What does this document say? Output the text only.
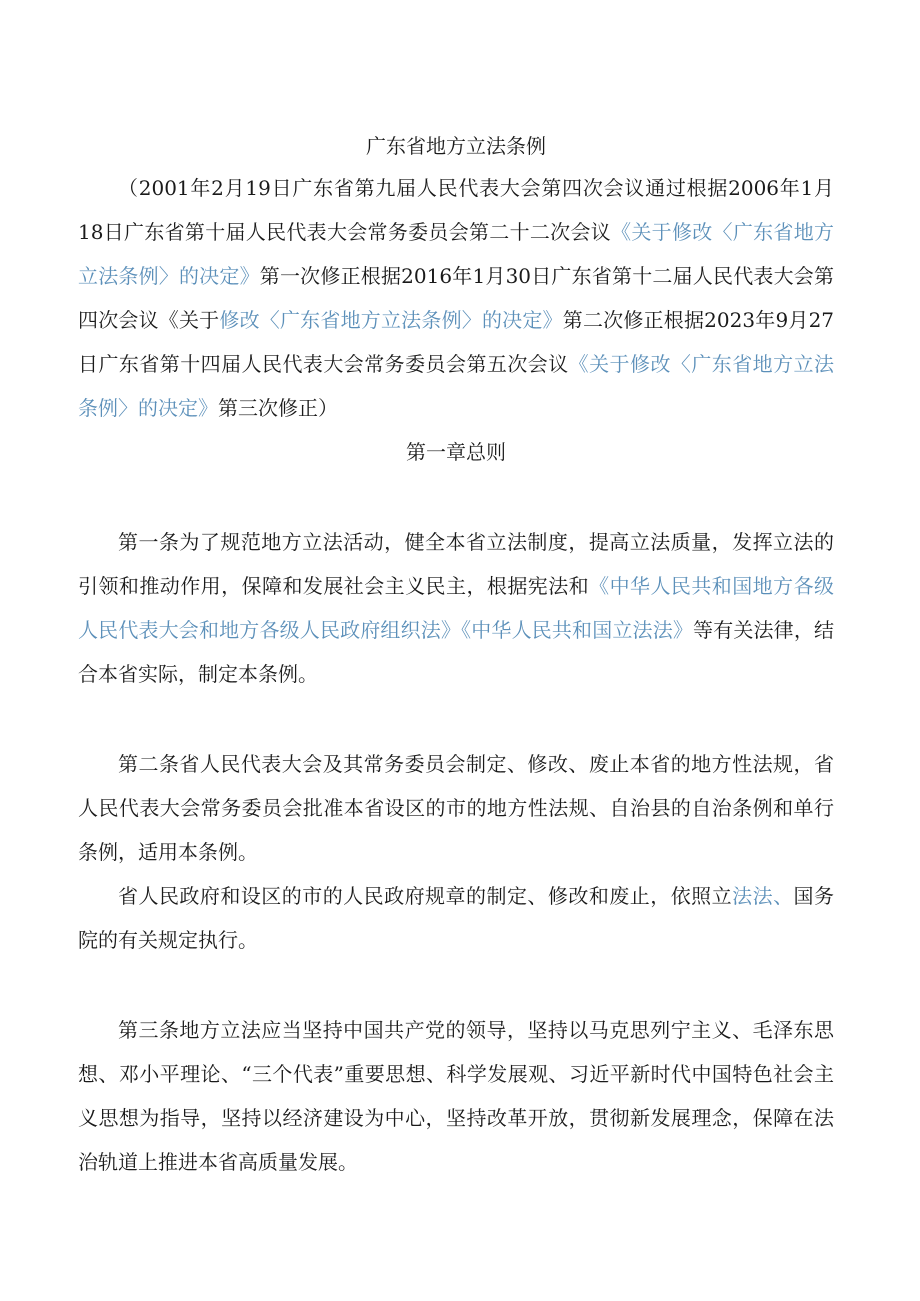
广东省地方立法条例

（2001年2月19日广东省第九届人民代表大会第四次会议通过根据2006年1月18日广东省第十届人民代表大会常务委员会第二十二次会议《关于修改〈广东省地方立法条例〉的决定》第一次修正根据2016年1月30日广东省第十二届人民代表大会第四次会议《关于修改〈广东省地方立法条例〉的决定》第二次修正根据2023年9月27日广东省第十四届人民代表大会常务委员会第五次会议《关于修改〈广东省地方立法条例〉的决定》第三次修正）

第一章总则

第一条为了规范地方立法活动，健全本省立法制度，提高立法质量，发挥立法的引领和推动作用，保障和发展社会主义民主，根据宪法和《中华人民共和国地方各级人民代表大会和地方各级人民政府组织法》《中华人民共和国立法法》等有关法律，结合本省实际，制定本条例。

第二条省人民代表大会及其常务委员会制定、修改、废止本省的地方性法规，省人民代表大会常务委员会批准本省设区的市的地方性法规、自治县的自治条例和单行条例，适用本条例。

省人民政府和设区的市的人民政府规章的制定、修改和废止，依照立法法、国务院的有关规定执行。

第三条地方立法应当坚持中国共产党的领导，坚持以马克思列宁主义、毛泽东思想、邓小平理论、“三个代表”重要思想、科学发展观、习近平新时代中国特色社会主义思想为指导，坚持以经济建设为中心，坚持改革开放，贯彻新发展理念，保障在法治轨道上推进本省高质量发展。
